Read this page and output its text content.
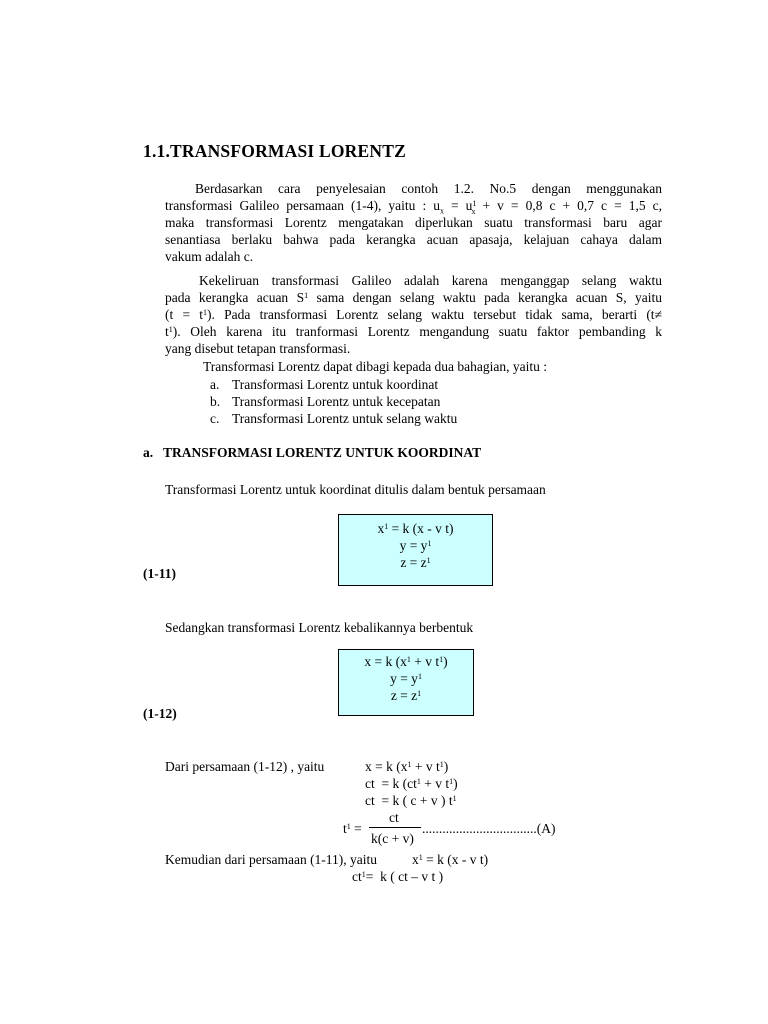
1.1.TRANSFORMASI LORENTZ
Berdasarkan cara penyelesaian contoh 1.2. No.5 dengan menggunakan
transformasi Galileo persamaan (1-4), yaitu : $u_x = u^1_x + v = 0,8$ c + 0,7 c = 1,5 c,
maka transformasi Lorentz mengatakan diperlukan suatu transformasi baru agar
senantiasa berlaku bahwa pada kerangka acuan apasaja, kelajuan cahaya dalam
vakum adalah c.
Kekeliruan transformasi Galileo adalah karena menganggap selang waktu
pada kerangka acuan $S^1$ sama dengan selang waktu pada kerangka acuan S, yaitu
$(t = t^1)$. Pada transformasi Lorentz selang waktu tersebut tidak sama, berarti (t≠
$t^1$). Oleh karena itu tranformasi Lorentz mengandung suatu faktor pembanding k
yang disebut tetapan transformasi.
Transformasi Lorentz dapat dibagi kepada dua bahagian, yaitu :
a. Transformasi Lorentz untuk koordinat
b. Transformasi Lorentz untuk kecepatan
c. Transformasi Lorentz untuk selang waktu
a.   TRANSFORMASI LORENTZ UNTUK KOORDINAT
Transformasi Lorentz untuk koordinat ditulis dalam bentuk persamaan
$x^1 = k$ (x - v t)
$y = y^1$
$z = z^1$
(1-11)
Sedangkan transformasi Lorentz kebalikannya berbentuk
x = k ($x^1 + v$ $t^1$)
$y = y^1$
$z = z^1$
(1-12)
Dari persamaan (1-12) , yaitu	x = k ($x^1 + v$ $t^1$)
ct  = k ($ct^1 + v$ $t^1$)
ct  = k ( c + v ) $t^1$
$t^1$ =
ct
k(c + v)
..................................(A)
Kemudian dari persamaan (1-11), yaitu	$x^1 = k$ (x - v t)
$ct^1= k$ ( ct – v t )
